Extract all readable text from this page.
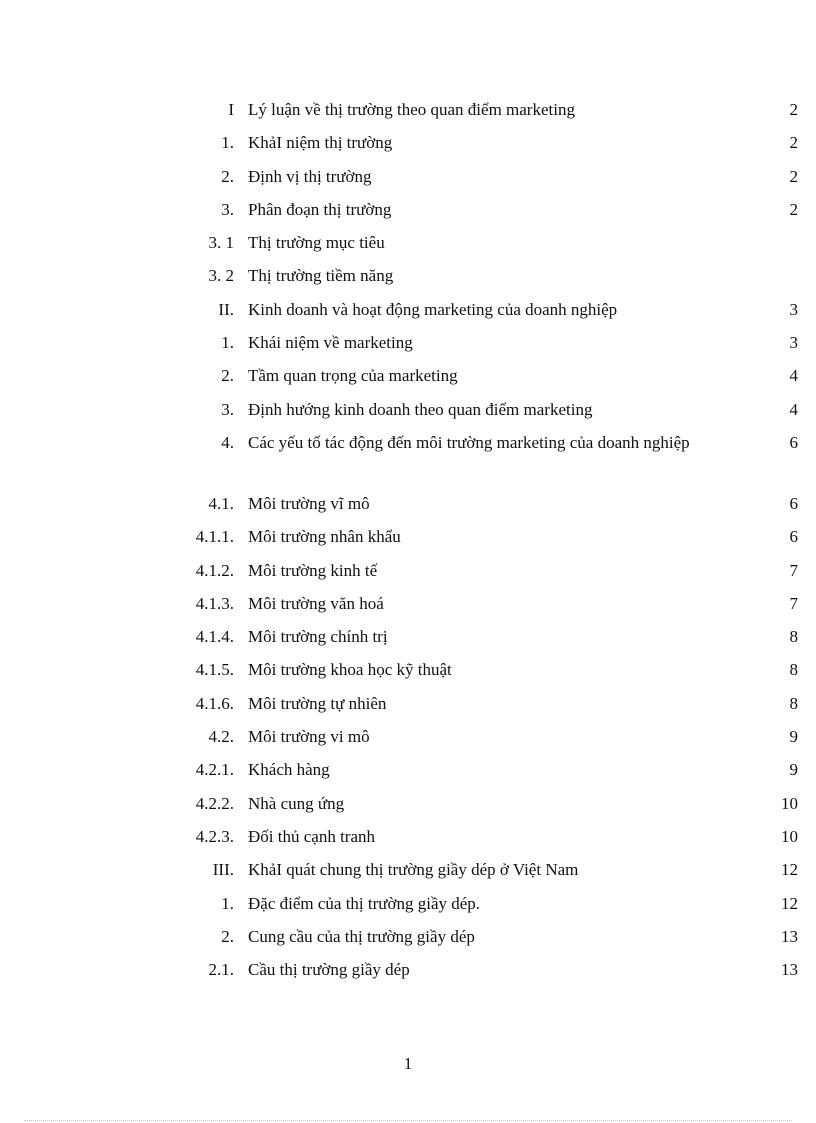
I Lý luận về thị trường theo quan điểm marketing	2
1. KhảI niệm thị trường	2
2. Định vị thị trường	2
3. Phân đoạn thị trường	2
3. 1 Thị trường mục tiêu
3. 2 Thị trường tiềm năng
II. Kinh doanh và hoạt động marketing của doanh nghiệp	3
1. Khái niệm về marketing	3
2. Tầm quan trọng của marketing	4
3. Định hướng kinh doanh theo quan điểm marketing	4
4. Các yếu tố tác động đến môi trường marketing của doanh nghiệp	6
4.1. Môi trường vĩ mô	6
4.1.1. Môi trường nhân khẩu	6
4.1.2. Môi trường kinh tế	7
4.1.3. Môi trường văn hoá	7
4.1.4. Môi trường chính trị	8
4.1.5. Môi trường khoa học kỹ thuật	8
4.1.6. Môi trường tự nhiên	8
4.2. Môi trường vi mô	9
4.2.1. Khách hàng	9
4.2.2. Nhà cung ứng	10
4.2.3. Đối thủ cạnh tranh	10
III. KhảI quát chung thị trường giầy dép ở Việt Nam	12
1. Đặc điểm của thị trường giầy dép.	12
2. Cung cầu của thị trường giầy dép	13
2.1. Cầu thị trường giầy dép	13
1
